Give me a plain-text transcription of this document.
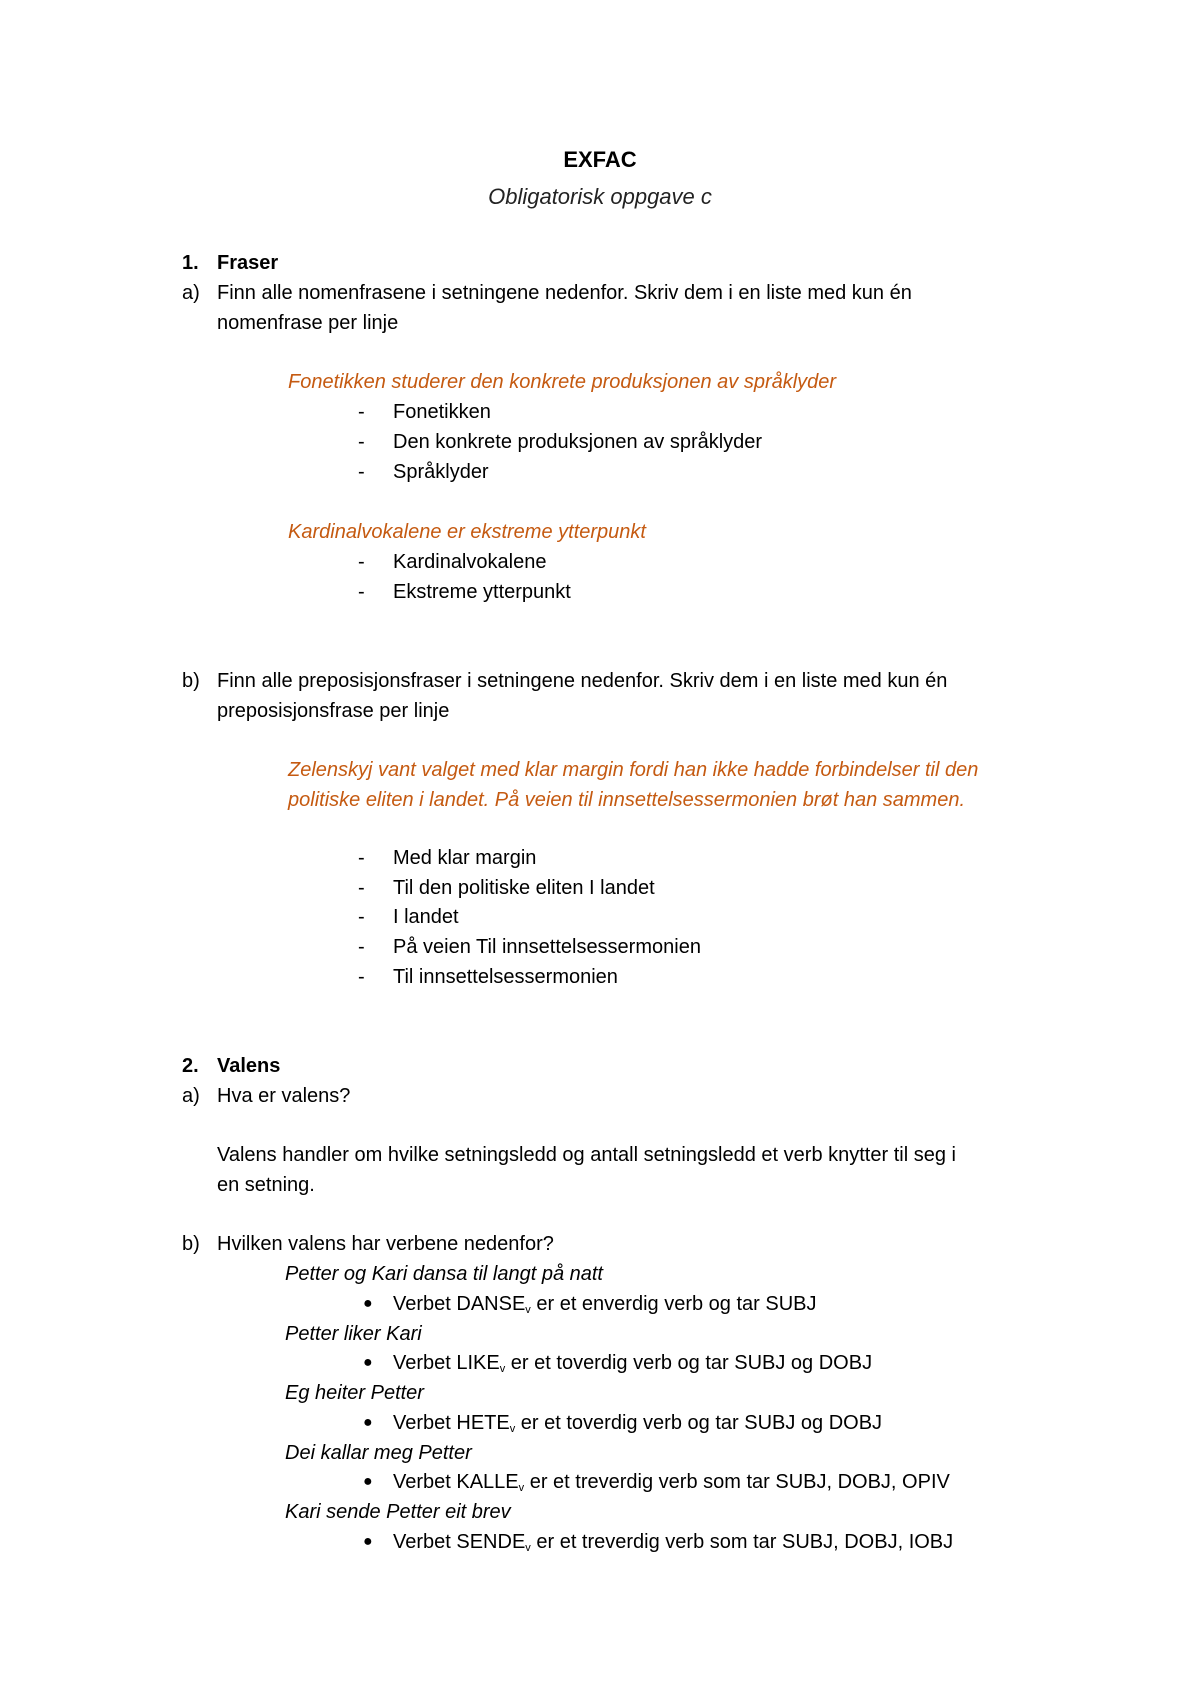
EXFAC
Obligatorisk oppgave c
1. Fraser
a) Finn alle nomenfrasene i setningene nedenfor. Skriv dem i en liste med kun én
nomenfrase per linje
Fonetikken studerer den konkrete produksjonen av språklyder
- Fonetikken
- Den konkrete produksjonen av språklyder
- Språklyder
Kardinalvokalene er ekstreme ytterpunkt
- Kardinalvokalene
- Ekstreme ytterpunkt
b) Finn alle preposisjonsfraser i setningene nedenfor. Skriv dem i en liste med kun én
preposisjonsfrase per linje
Zelenskyj vant valget med klar margin fordi han ikke hadde forbindelser til den
politiske eliten i landet. På veien til innsettelsessermonien brøt han sammen.
- Med klar margin
- Til den politiske eliten I landet
- I landet
- På veien Til innsettelsessermonien
- Til innsettelsessermonien
2. Valens
a) Hva er valens?
Valens handler om hvilke setningsledd og antall setningsledd et verb knytter til seg i
en setning.
b) Hvilken valens har verbene nedenfor?
Petter og Kari dansa til langt på natt
● Verbet $DANSE_v$ er et enverdig verb og tar SUBJ
Petter liker Kari
● Verbet $LIKE_v$ er et toverdig verb og tar SUBJ og DOBJ
Eg heiter Petter
● Verbet $HETE_v$ er et toverdig verb og tar SUBJ og DOBJ
Dei kallar meg Petter
● Verbet $KALLE_v$ er et treverdig verb som tar SUBJ, DOBJ, OPIV
Kari sende Petter eit brev
● Verbet $SENDE_v$ er et treverdig verb som tar SUBJ, DOBJ, IOBJ
